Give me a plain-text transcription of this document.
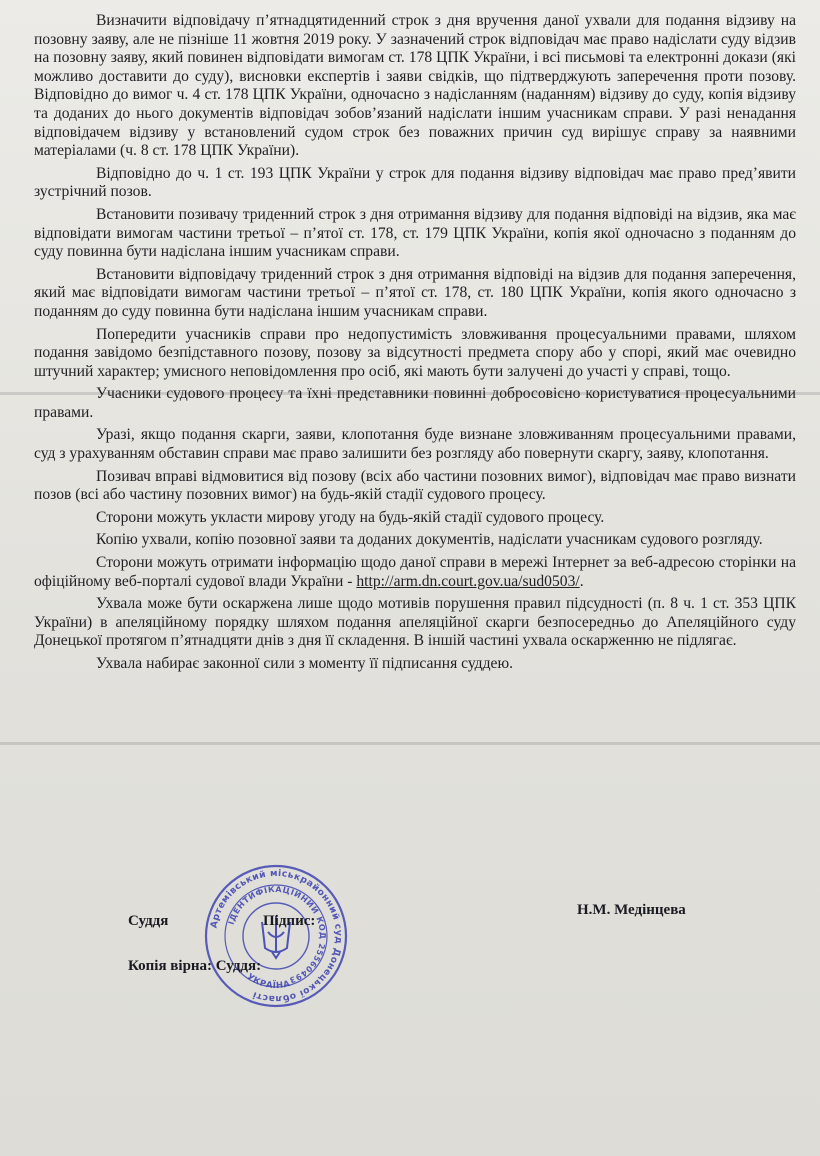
Визначити відповідачу п’ятнадцятиденний строк з дня вручення даної ухвали для подання відзиву на позовну заяву, але не пізніше 11 жовтня 2019 року. У зазначений строк відповідач має право надіслати суду відзив на позовну заяву, який повинен відповідати вимогам ст. 178 ЦПК України, і всі письмові та електронні докази (які можливо доставити до суду), висновки експертів і заяви свідків, що підтверджують заперечення проти позову. Відповідно до вимог ч. 4 ст. 178 ЦПК України, одночасно з надісланням (наданням) відзиву до суду, копія відзиву та доданих до нього документів відповідач зобов’язаний надіслати іншим учасникам справи. У разі ненадання відповідачем відзиву у встановлений судом строк без поважних причин суд вирішує справу за наявними матеріалами (ч. 8 ст. 178 ЦПК України).

Відповідно до ч. 1 ст. 193 ЦПК України у строк для подання відзиву відповідач має право пред’явити зустрічний позов.

Встановити позивачу триденний строк з дня отримання відзиву для подання відповіді на відзив, яка має відповідати вимогам частини третьої – п’ятої ст. 178, ст. 179 ЦПК України, копія якої одночасно з поданням до суду повинна бути надіслана іншим учасникам справи.

Встановити відповідачу триденний строк з дня отримання відповіді на відзив для подання заперечення, який має відповідати вимогам частини третьої – п’ятої ст. 178, ст. 180 ЦПК України, копія якого одночасно з поданням до суду повинна бути надіслана іншим учасникам справи.

Попередити учасників справи про недопустимість зловживання процесуальними правами, шляхом подання завідомо безпідставного позову, позову за відсутності предмета спору або у спорі, який має очевидно штучний характер; умисного неповідомлення про осіб, які мають бути залучені до участі у справі, тощо.

Учасники судового процесу та їхні представники повинні добросовісно користуватися процесуальними правами.

Уразі, якщо подання скарги, заяви, клопотання буде визнане зловживанням процесуальними правами, суд з урахуванням обставин справи має право залишити без розгляду або повернути скаргу, заяву, клопотання.

Позивач вправі відмовитися від позову (всіх або частини позовних вимог), відповідач має право визнати позов (всі або частину позовних вимог) на будь-якій стадії судового процесу.

Сторони можуть укласти мирову угоду на будь-якій стадії судового процесу.

Копію ухвали, копію позовної заяви та доданих документів, надіслати учасникам судового розгляду.

Сторони можуть отримати інформацію щодо даної справи в мережі Інтернет за веб-адресою сторінки на офіційному веб-порталі судової влади України - http://arm.dn.court.gov.ua/sud0503/.

Ухвала може бути оскаржена лише щодо мотивів порушення правил підсудності (п. 8 ч. 1 ст. 353 ЦПК України) в апеляційному порядку шляхом подання апеляційної скарги безпосередньо до Апеляційного суду Донецької протягом п’ятнадцяти днів з дня її складення. В іншій частині ухвала оскарженню не підлягає.

Ухвала набирає законної сили з моменту її підписання суддею.

Артемівський міськрайонний суд Донецької області
ІДЕНТИФІКАЦІЙНИЙ КОД 25560493
УКРАЇНА
Суддя	Підпис:
Н.М. Медінцева
Копія вірна: Суддя:
